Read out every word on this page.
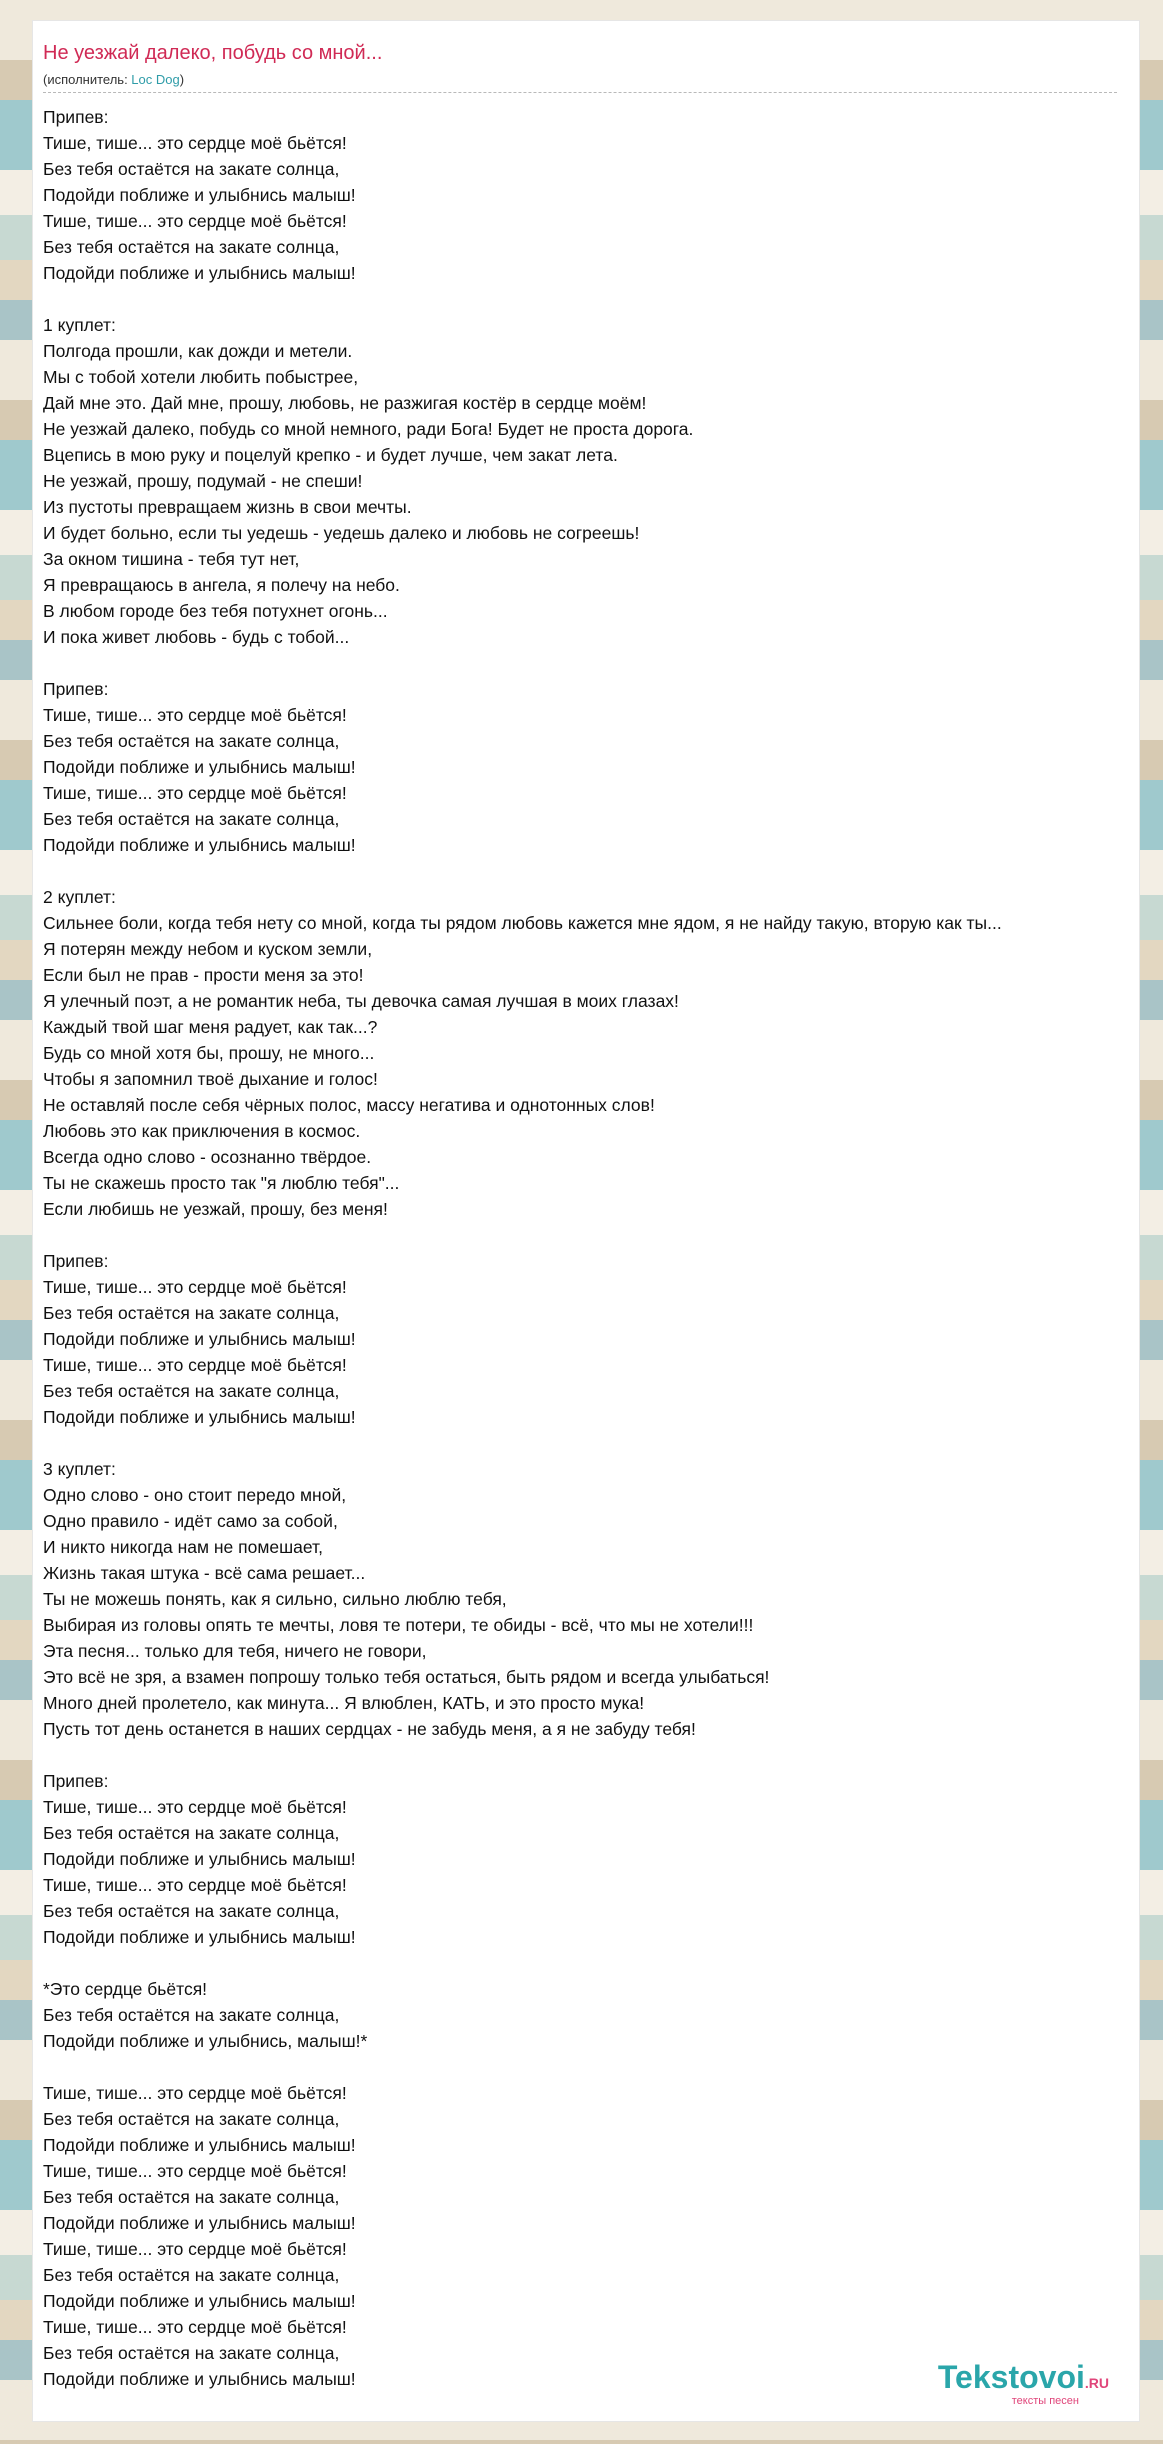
Не уезжай далеко, побудь со мной...
(исполнитель: Loc Dog)
Припев:
Тише, тише... это сердце моё бьётся!
Без тебя остаётся на закате солнца,
Подойди поближе и улыбнись малыш!
Тише, тише... это сердце моё бьётся!
Без тебя остаётся на закате солнца,
Подойди поближе и улыбнись малыш!
1 куплет:
Полгода прошли, как дожди и метели.
Мы с тобой хотели любить побыстрее,
Дай мне это. Дай мне, прошу, любовь, не разжигая костёр в сердце моём!
Не уезжай далеко, побудь со мной немного, ради Бога! Будет не проста дорога.
Вцепись в мою руку и поцелуй крепко - и будет лучше, чем закат лета.
Не уезжай, прошу, подумай - не спеши!
Из пустоты превращаем жизнь в свои мечты.
И будет больно, если ты уедешь - уедешь далеко и любовь не согреешь!
За окном тишина - тебя тут нет,
Я превращаюсь в ангела, я полечу на небо.
В любом городе без тебя потухнет огонь...
И пока живет любовь - будь с тобой...
Припев:
Тише, тише... это сердце моё бьётся!
Без тебя остаётся на закате солнца,
Подойди поближе и улыбнись малыш!
Тише, тише... это сердце моё бьётся!
Без тебя остаётся на закате солнца,
Подойди поближе и улыбнись малыш!
2 куплет:
Сильнее боли, когда тебя нету со мной, когда ты рядом любовь кажется мне ядом, я не найду такую, вторую как ты...
Я потерян между небом и куском земли,
Если был не прав - прости меня за это!
Я улечный поэт, а не романтик неба, ты девочка самая лучшая в моих глазах!
Каждый твой шаг меня радует, как так...?
Будь со мной хотя бы, прошу, не много...
Чтобы я запомнил твоё дыхание и голос!
Не оставляй после себя чёрных полос, массу негатива и однотонных слов!
Любовь это как приключения в космос.
Всегда одно слово - осознанно твёрдое.
Ты не скажешь просто так "я люблю тебя"...
Если любишь не уезжай, прошу, без меня!
Припев:
Тише, тише... это сердце моё бьётся!
Без тебя остаётся на закате солнца,
Подойди поближе и улыбнись малыш!
Тише, тише... это сердце моё бьётся!
Без тебя остаётся на закате солнца,
Подойди поближе и улыбнись малыш!
3 куплет:
Одно слово - оно стоит передо мной,
Одно правило - идёт само за собой,
И никто никогда нам не помешает,
Жизнь такая штука - всё сама решает...
Ты не можешь понять, как я сильно, сильно люблю тебя,
Выбирая из головы опять те мечты, ловя те потери, те обиды - всё, что мы не хотели!!!
Эта песня... только для тебя, ничего не говори,
Это всё не зря, а взамен попрошу только тебя остаться, быть рядом и всегда улыбаться!
Много дней пролетело, как минута... Я влюблен, КАТЬ, и это просто мука!
Пусть тот день останется в наших сердцах - не забудь меня, а я не забуду тебя!
Припев:
Тише, тише... это сердце моё бьётся!
Без тебя остаётся на закате солнца,
Подойди поближе и улыбнись малыш!
Тише, тише... это сердце моё бьётся!
Без тебя остаётся на закате солнца,
Подойди поближе и улыбнись малыш!
*Это сердце бьётся!
Без тебя остаётся на закате солнца,
Подойди поближе и улыбнись, малыш!*
Тише, тише... это сердце моё бьётся!
Без тебя остаётся на закате солнца,
Подойди поближе и улыбнись малыш!
Тише, тише... это сердце моё бьётся!
Без тебя остаётся на закате солнца,
Подойди поближе и улыбнись малыш!
Тише, тише... это сердце моё бьётся!
Без тебя остаётся на закате солнца,
Подойди поближе и улыбнись малыш!
Тише, тише... это сердце моё бьётся!
Без тебя остаётся на закате солнца,
Подойди поближе и улыбнись малыш!	Tekstovoi.RU
тексты песен
